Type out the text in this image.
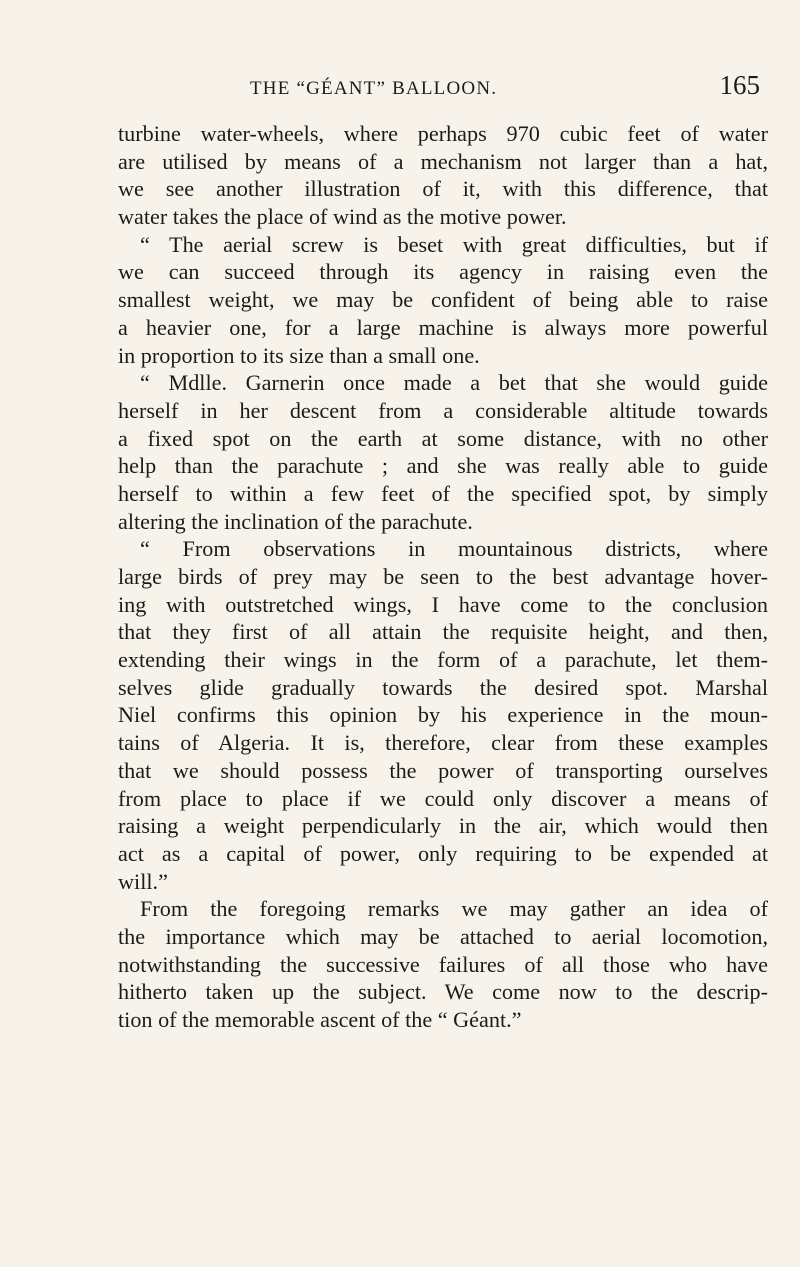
THE “GÉANT” BALLOON.	165
turbine water-wheels, where perhaps 970 cubic feet of water
are utilised by means of a mechanism not larger than a hat,
we see another illustration of it, with this difference, that
water takes the place of wind as the motive power.
“ The aerial screw is beset with great difficulties, but if
we can succeed through its agency in raising even the
smallest weight, we may be confident of being able to raise
a heavier one, for a large machine is always more powerful
in proportion to its size than a small one.
“ Mdlle. Garnerin once made a bet that she would guide
herself in her descent from a considerable altitude towards
a fixed spot on the earth at some distance, with no other
help than the parachute ; and she was really able to guide
herself to within a few feet of the specified spot, by simply
altering the inclination of the parachute.
“ From observations in mountainous districts, where
large birds of prey may be seen to the best advantage hover-
ing with outstretched wings, I have come to the conclusion
that they first of all attain the requisite height, and then,
extending their wings in the form of a parachute, let them-
selves glide gradually towards the desired spot. Marshal
Niel confirms this opinion by his experience in the moun-
tains of Algeria. It is, therefore, clear from these examples
that we should possess the power of transporting ourselves
from place to place if we could only discover a means of
raising a weight perpendicularly in the air, which would then
act as a capital of power, only requiring to be expended at
will.”
From the foregoing remarks we may gather an idea of
the importance which may be attached to aerial locomotion,
notwithstanding the successive failures of all those who have
hitherto taken up the subject. We come now to the descrip-
tion of the memorable ascent of the “ Géant.”
